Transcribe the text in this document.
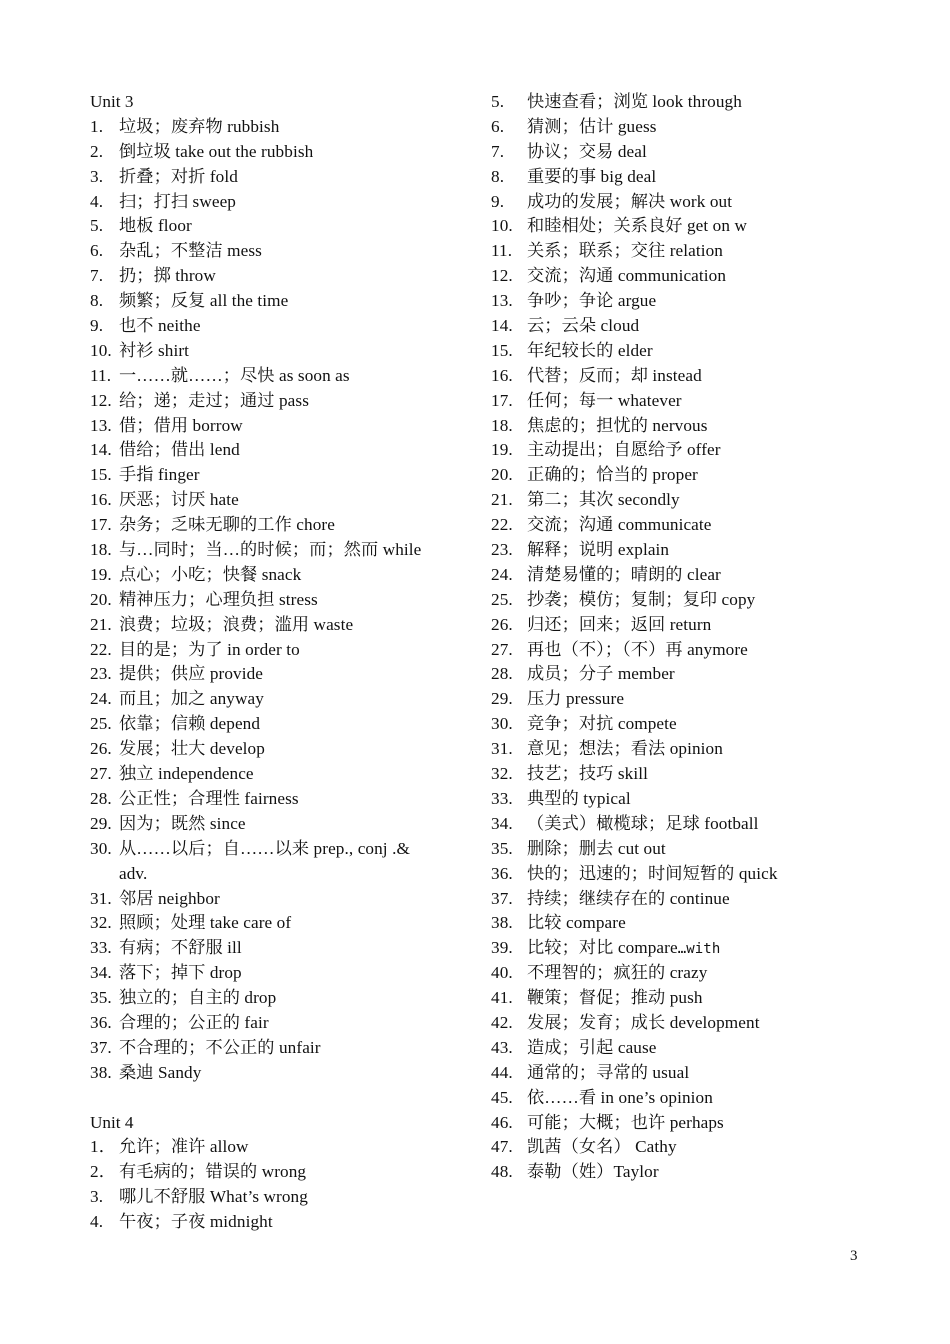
Unit 3
1. 垃圾；废弃物 rubbish
2. 倒垃圾 take out the rubbish
3. 折叠；对折 fold
4. 扫；打扫 sweep
5. 地板 floor
6. 杂乱；不整洁 mess
7. 扔；掷 throw
8. 频繁；反复 all the time
9. 也不 neithe
10. 衬衫 shirt
11. 一……就……；尽快 as soon as
12. 给；递；走过；通过 pass
13. 借；借用 borrow
14. 借给；借出 lend
15. 手指 finger
16. 厌恶；讨厌 hate
17. 杂务；乏味无聊的工作 chore
18. 与…同时；当…的时候；而；然而 while
19. 点心；小吃；快餐 snack
20. 精神压力；心理负担 stress
21. 浪费；垃圾；浪费；滥用 waste
22. 目的是；为了 in order to
23. 提供；供应 provide
24. 而且；加之 anyway
25. 依靠；信赖 depend
26. 发展；壮大 develop
27. 独立 independence
28. 公正性；合理性 fairness
29. 因为；既然 since
30. 从……以后；自……以来 prep., conj .&
adv.
31. 邻居 neighbor
32. 照顾；处理 take care of
33. 有病；不舒服 ill
34. 落下；掉下 drop
35. 独立的；自主的 drop
36. 合理的；公正的 fair
37. 不合理的；不公正的 unfair
38. 桑迪 Sandy
Unit 4
1． 允许；准许 allow
2． 有毛病的；错误的 wrong
3. 哪儿不舒服 What’s wrong
4. 午夜；子夜 midnight
5. 快速查看；浏览 look through
6. 猜测；估计 guess
7. 协议；交易 deal
8. 重要的事 big deal
9. 成功的发展；解决 work out
10. 和睦相处；关系良好 get on w
11. 关系；联系；交往 relation
12. 交流；沟通 communication
13. 争吵；争论 argue
14. 云；云朵 cloud
15. 年纪较长的 elder
16. 代替；反而；却 instead
17. 任何；每一 whatever
18. 焦虑的；担忧的 nervous
19. 主动提出；自愿给予 offer
20. 正确的；恰当的 proper
21. 第二；其次 secondly
22. 交流；沟通 communicate
23. 解释；说明 explain
24. 清楚易懂的；晴朗的 clear
25. 抄袭；模仿；复制；复印 copy
26. 归还；回来；返回 return
27. 再也（不）；（不）再 anymore
28. 成员；分子 member
29. 压力 pressure
30. 竞争；对抗 compete
31. 意见；想法；看法 opinion
32. 技艺；技巧 skill
33. 典型的 typical
34. （美式）橄榄球；足球 football
35. 删除；删去 cut out
36. 快的；迅速的；时间短暂的 quick
37. 持续；继续存在的 continue
38. 比较 compare
39. 比较；对比 compare…with
40. 不理智的；疯狂的 crazy
41. 鞭策；督促；推动 push
42. 发展；发育；成长 development
43. 造成；引起 cause
44. 通常的；寻常的 usual
45. 依……看 in one’s opinion
46. 可能；大概；也许 perhaps
47. 凯茜（女名） Cathy
48. 泰勒（姓）Taylor
3
